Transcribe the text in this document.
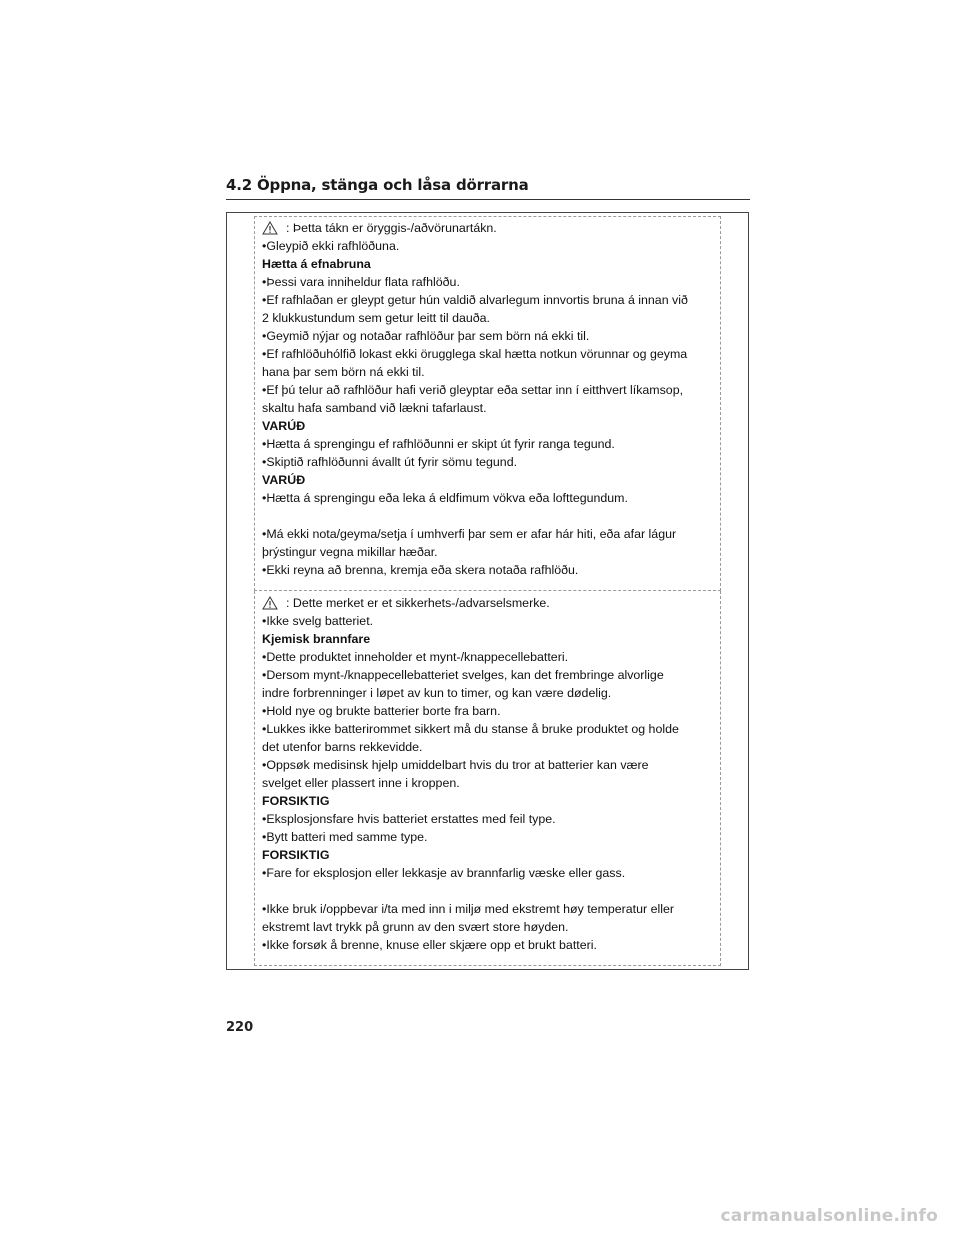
4.2 Öppna, stänga och låsa dörrarna
: Þetta tákn er öryggis-/aðvörunartákn.
•Gleypið ekki rafhlöðuna.
Hætta á efnabruna
•Þessi vara inniheldur flata rafhlöðu.
•Ef rafhlaðan er gleypt getur hún valdið alvarlegum innvortis bruna á innan við
2 klukkustundum sem getur leitt til dauða.
•Geymið nýjar og notaðar rafhlöður þar sem börn ná ekki til.
•Ef rafhlöðuhólfið lokast ekki örugglega skal hætta notkun vörunnar og geyma
hana þar sem börn ná ekki til.
•Ef þú telur að rafhlöður hafi verið gleyptar eða settar inn í eitthvert líkamsop,
skaltu hafa samband við lækni tafarlaust.
VARÚÐ
•Hætta á sprengingu ef rafhlöðunni er skipt út fyrir ranga tegund.
•Skiptið rafhlöðunni ávallt út fyrir sömu tegund.
VARÚÐ
•Hætta á sprengingu eða leka á eldfimum vökva eða lofttegundum.
•Má ekki nota/geyma/setja í umhverfi þar sem er afar hár hiti, eða afar lágur
þrýstingur vegna mikillar hæðar.
•Ekki reyna að brenna, kremja eða skera notaða rafhlöðu.
: Dette merket er et sikkerhets-/advarselsmerke.
•Ikke svelg batteriet.
Kjemisk brannfare
•Dette produktet inneholder et mynt-/knappecellebatteri.
•Dersom mynt-/knappecellebatteriet svelges, kan det frembringe alvorlige
indre forbrenninger i løpet av kun to timer, og kan være dødelig.
•Hold nye og brukte batterier borte fra barn.
•Lukkes ikke batterirommet sikkert må du stanse å bruke produktet og holde
det utenfor barns rekkevidde.
•Oppsøk medisinsk hjelp umiddelbart hvis du tror at batterier kan være
svelget eller plassert inne i kroppen.
FORSIKTIG
•Eksplosjonsfare hvis batteriet erstattes med feil type.
•Bytt batteri med samme type.
FORSIKTIG
•Fare for eksplosjon eller lekkasje av brannfarlig væske eller gass.
•Ikke bruk i/oppbevar i/ta med inn i miljø med ekstremt høy temperatur eller
ekstremt lavt trykk på grunn av den svært store høyden.
•Ikke forsøk å brenne, knuse eller skjære opp et brukt batteri.
220
carmanualsonline.info
